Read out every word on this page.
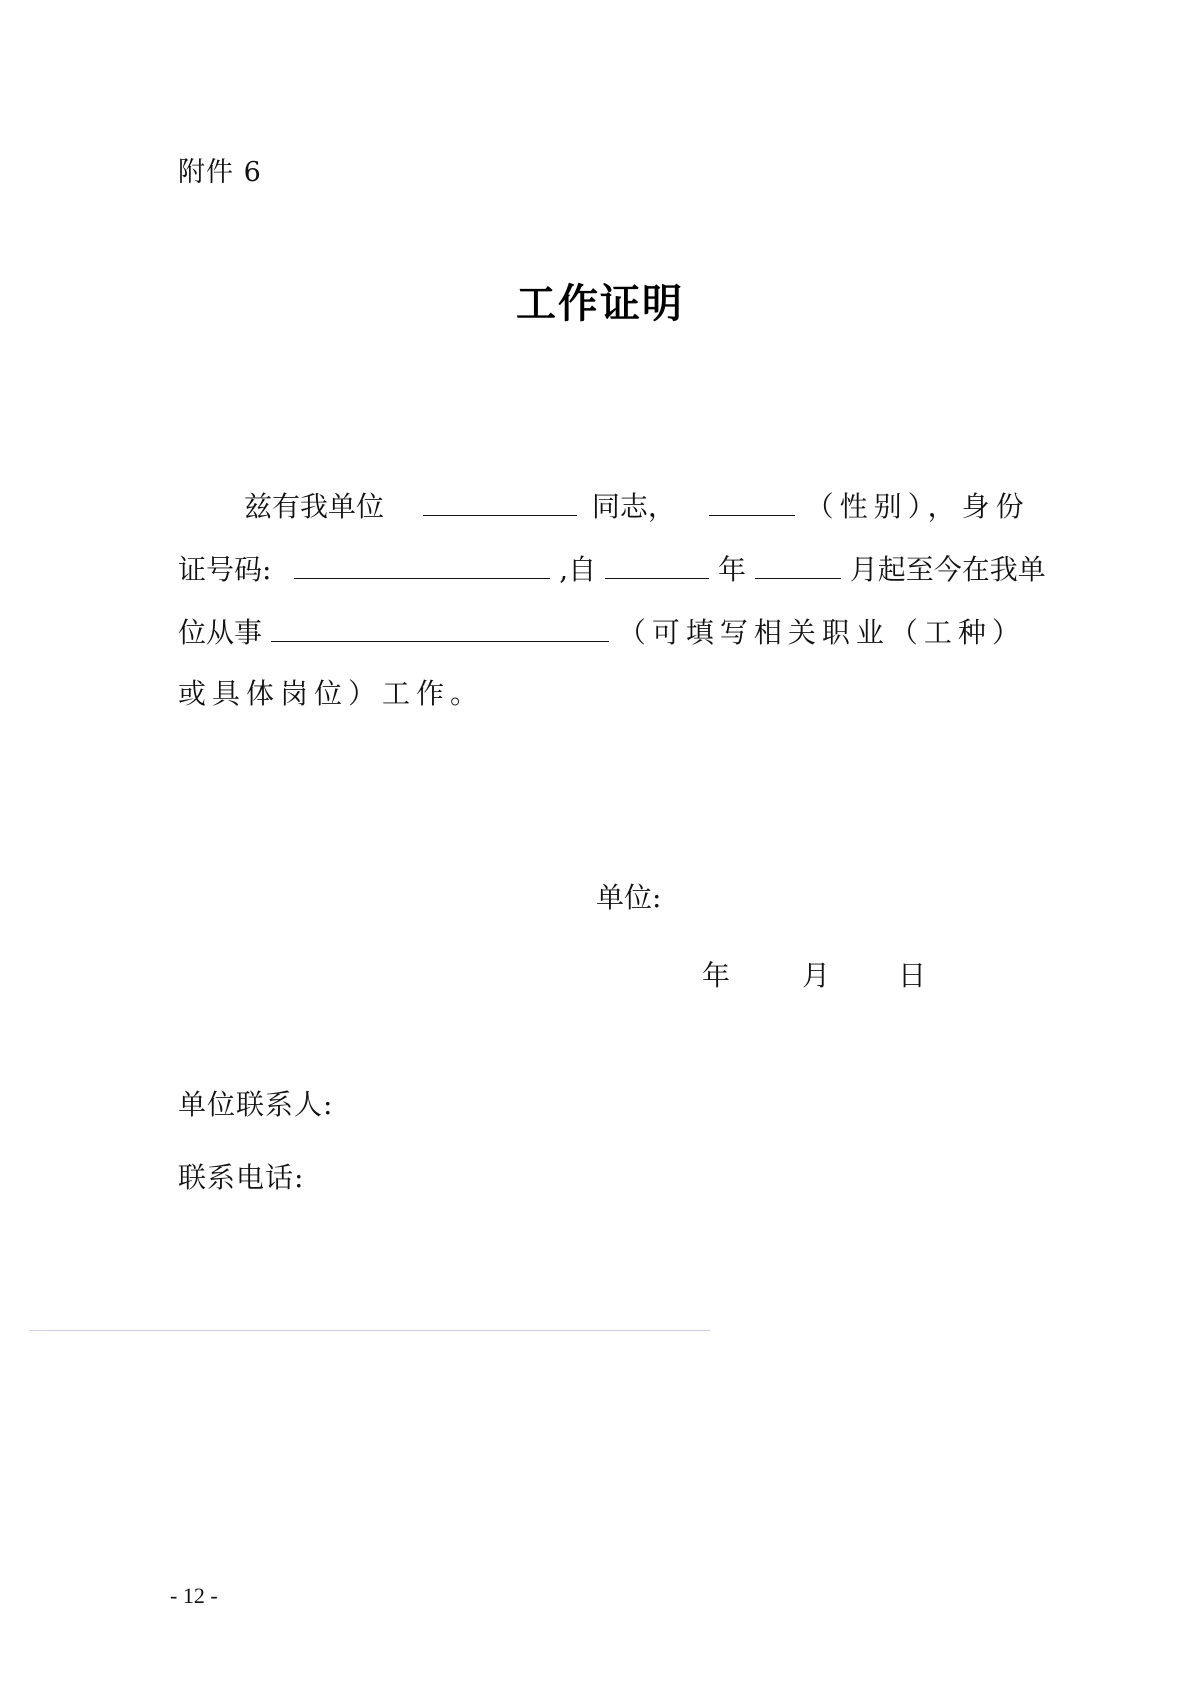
附件 6
工作证明
兹有我单位	同志，	（性别），身份
证号码:	,自	年	月起至今在我单
位从事	（可填写相关职业（工种）
或具体岗位）工作。
单位:
年	月 日
单位联系人:
联系电话:
- 12 -
